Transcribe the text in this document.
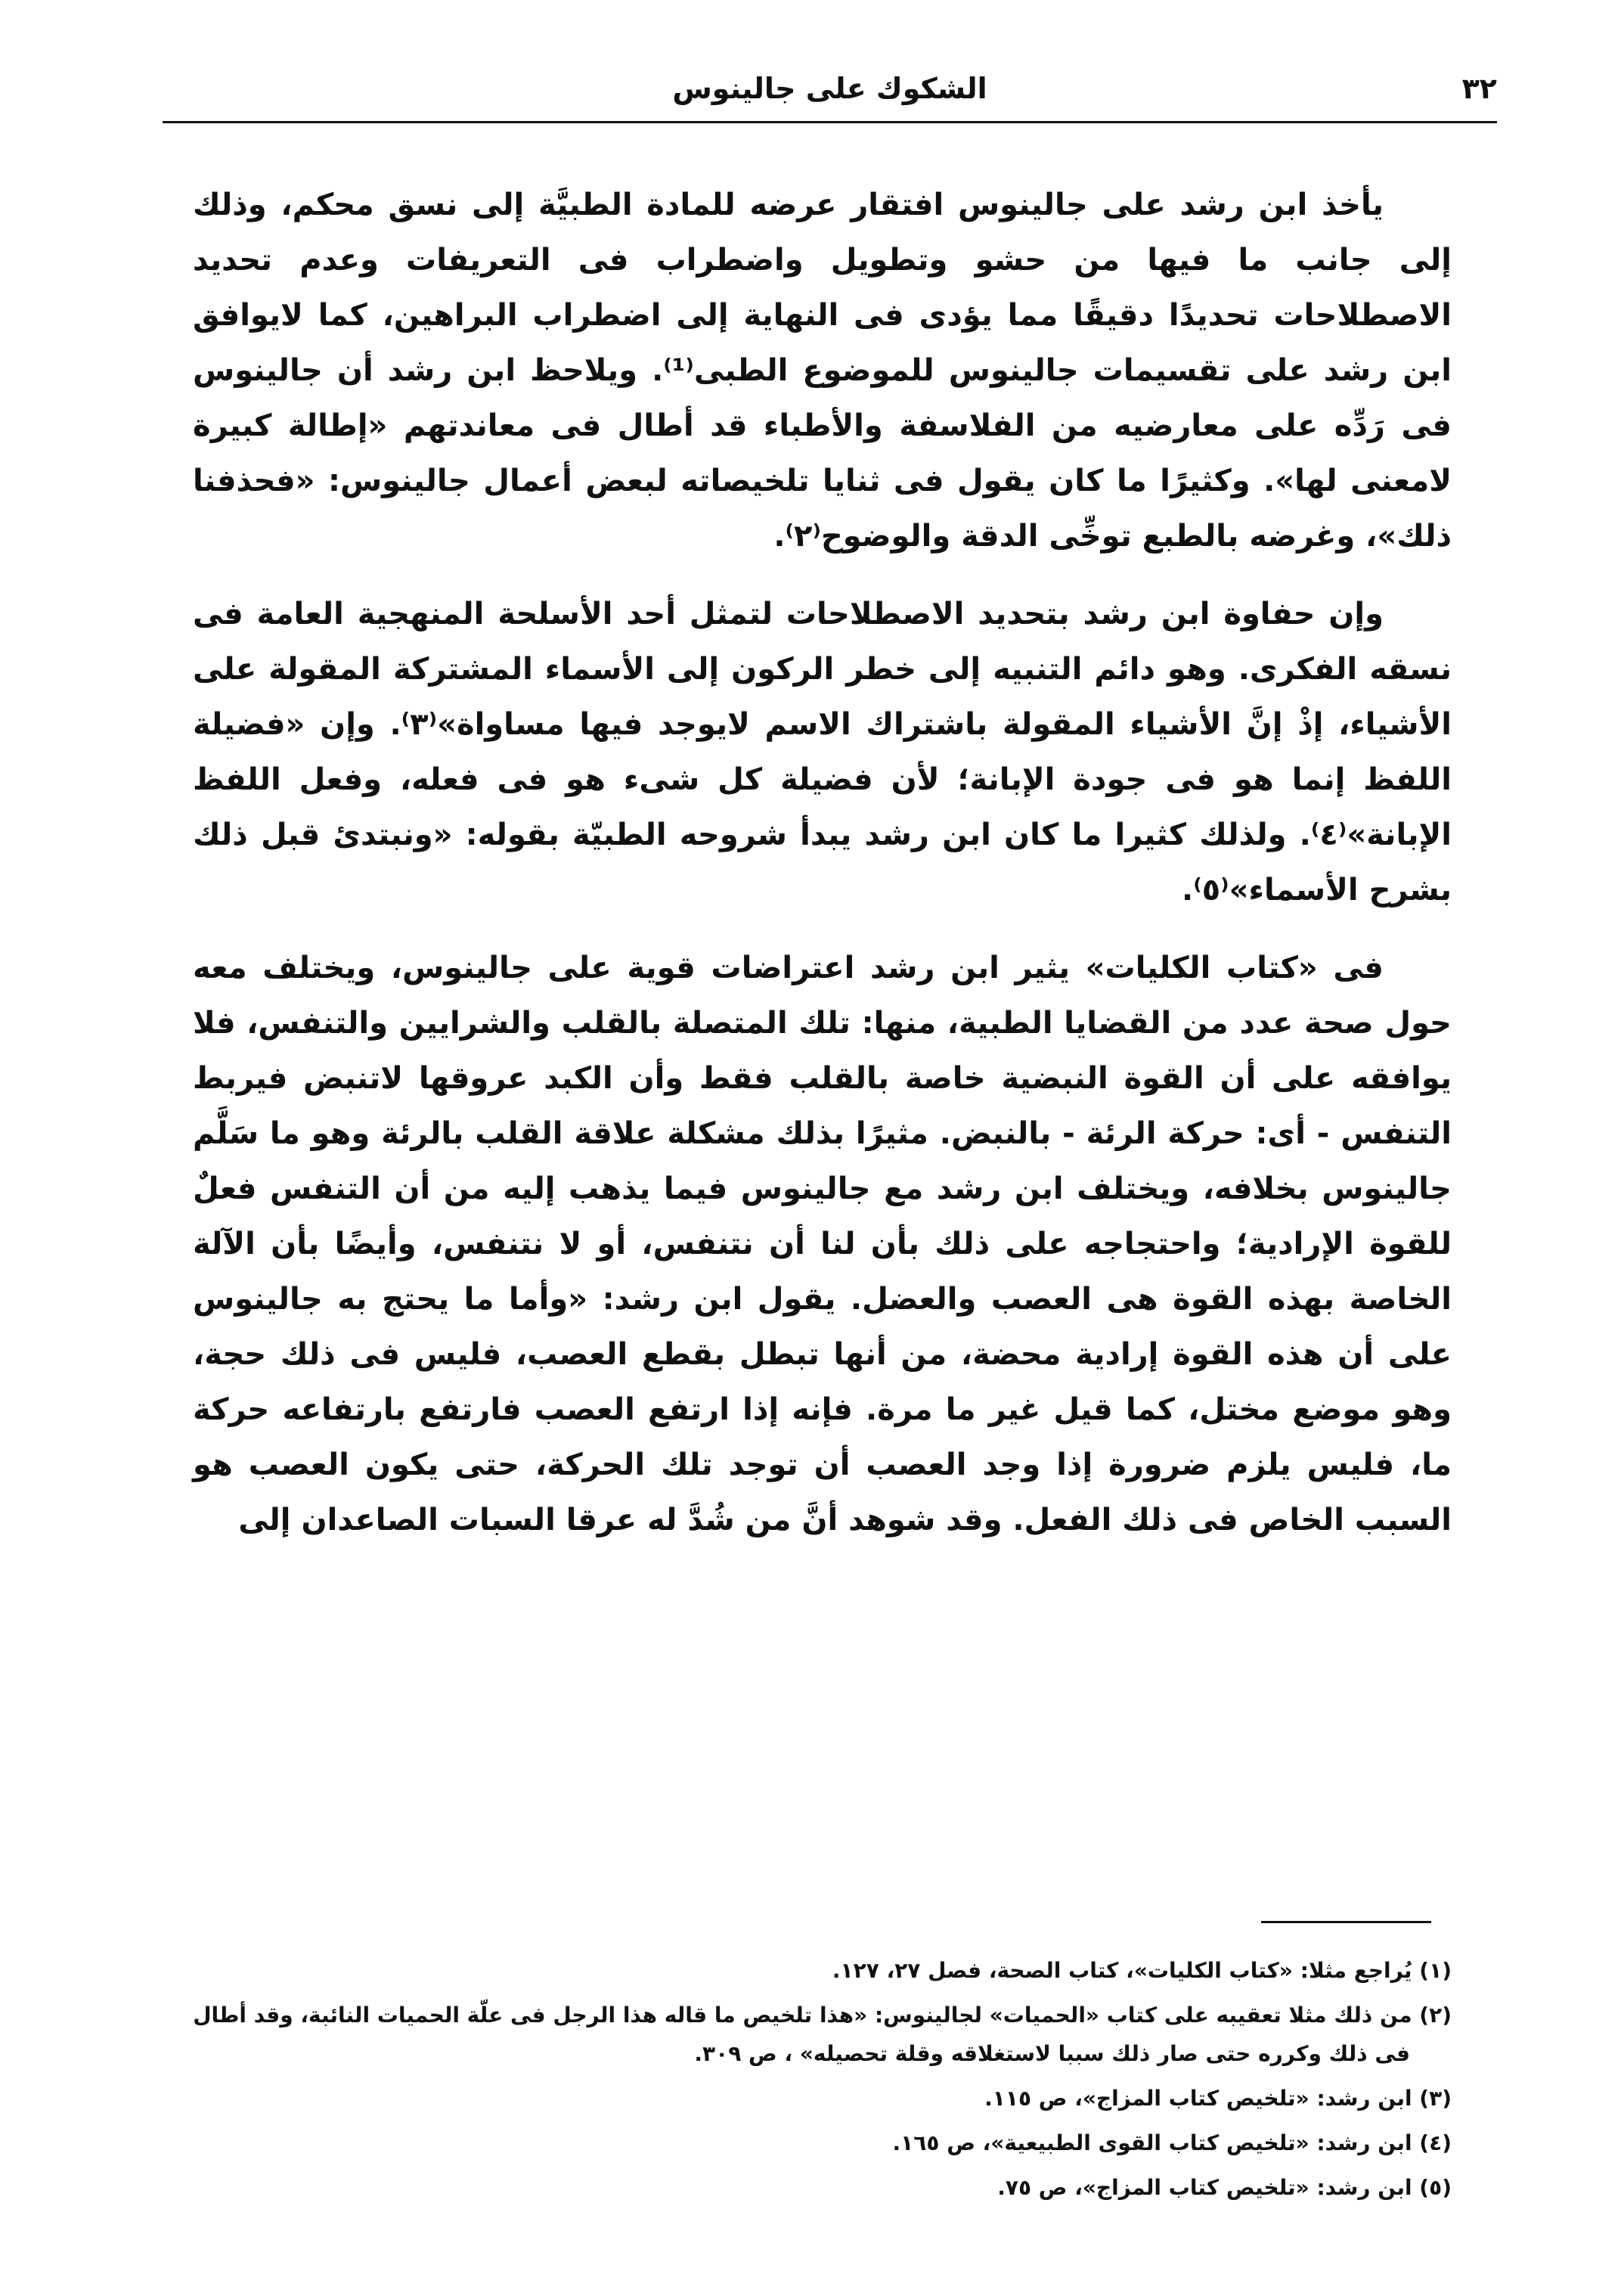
٣٢
الشكوك على جالينوس

يأخذ ابن رشد على جالينوس افتقار عرضه للمادة الطبيَّة إلى نسق محكم، وذلك إلى جانب ما فيها من حشو وتطويل واضطراب فى التعريفات وعدم تحديد الاصطلاحات تحديدًا دقيقًا مما يؤدى فى النهاية إلى اضطراب البراهين، كما لايوافق ابن رشد على تقسيمات جالينوس للموضوع الطبى⁽¹⁾. ويلاحظ ابن رشد أن جالينوس فى رَدِّه على معارضيه من الفلاسفة والأطباء قد أطال فى معاندتهم «إطالة كبيرة لامعنى لها». وكثيرًا ما كان يقول فى ثنايا تلخيصاته لبعض أعمال جالينوس: «فحذفنا ذلك»، وغرضه بالطبع توخِّى الدقة والوضوح⁽٢⁾.

وإن حفاوة ابن رشد بتحديد الاصطلاحات لتمثل أحد الأسلحة المنهجية العامة فى نسقه الفكرى. وهو دائم التنبيه إلى خطر الركون إلى الأسماء المشتركة المقولة على الأشياء، إذْ إنَّ الأشياء المقولة باشتراك الاسم لايوجد فيها مساواة»⁽٣⁾. وإن «فضيلة اللفظ إنما هو فى جودة الإبانة؛ لأن فضيلة كل شىء هو فى فعله، وفعل اللفظ الإبانة»⁽٤⁾. ولذلك كثيرا ما كان ابن رشد يبدأ شروحه الطبيّة بقوله: «ونبتدئ قبل ذلك بشرح الأسماء»⁽٥⁾.

فى «كتاب الكليات» يثير ابن رشد اعتراضات قوية على جالينوس، ويختلف معه حول صحة عدد من القضايا الطبية، منها: تلك المتصلة بالقلب والشرايين والتنفس، فلا يوافقه على أن القوة النبضية خاصة بالقلب فقط وأن الكبد عروقها لاتنبض فيربط التنفس - أى: حركة الرئة - بالنبض. مثيرًا بذلك مشكلة علاقة القلب بالرئة وهو ما سَلَّم جالينوس بخلافه، ويختلف ابن رشد مع جالينوس فيما يذهب إليه من أن التنفس فعلٌ للقوة الإرادية؛ واحتجاجه على ذلك بأن لنا أن نتنفس، أو لا نتنفس، وأيضًا بأن الآلة الخاصة بهذه القوة هى العصب والعضل. يقول ابن رشد: «وأما ما يحتج به جالينوس على أن هذه القوة إرادية محضة، من أنها تبطل بقطع العصب، فليس فى ذلك حجة، وهو موضع مختل، كما قيل غير ما مرة. فإنه إذا ارتفع العصب فارتفع بارتفاعه حركة ما، فليس يلزم ضرورة إذا وجد العصب أن توجد تلك الحركة، حتى يكون العصب هو السبب الخاص فى ذلك الفعل. وقد شوهد أنَّ من شُدَّ له عرقا السبات الصاعدان إلى

(١) يُراجع مثلا: «كتاب الكليات»، كتاب الصحة، فصل ٢٧، ١٢٧.

(٢) من ذلك مثلا تعقيبه على كتاب «الحميات» لجالينوس: «هذا تلخيص ما قاله هذا الرجل فى علّة الحميات النائبة، وقد أطال فى ذلك وكرره حتى صار ذلك سببا لاستغلاقه وقلة تحصيله» ، ص ٣٠٩.

(٣) ابن رشد: «تلخيص كتاب المزاج»، ص ١١٥.

(٤) ابن رشد: «تلخيص كتاب القوى الطبيعية»، ص ١٦٥.

(٥) ابن رشد: «تلخيص كتاب المزاج»، ص ٧٥.
